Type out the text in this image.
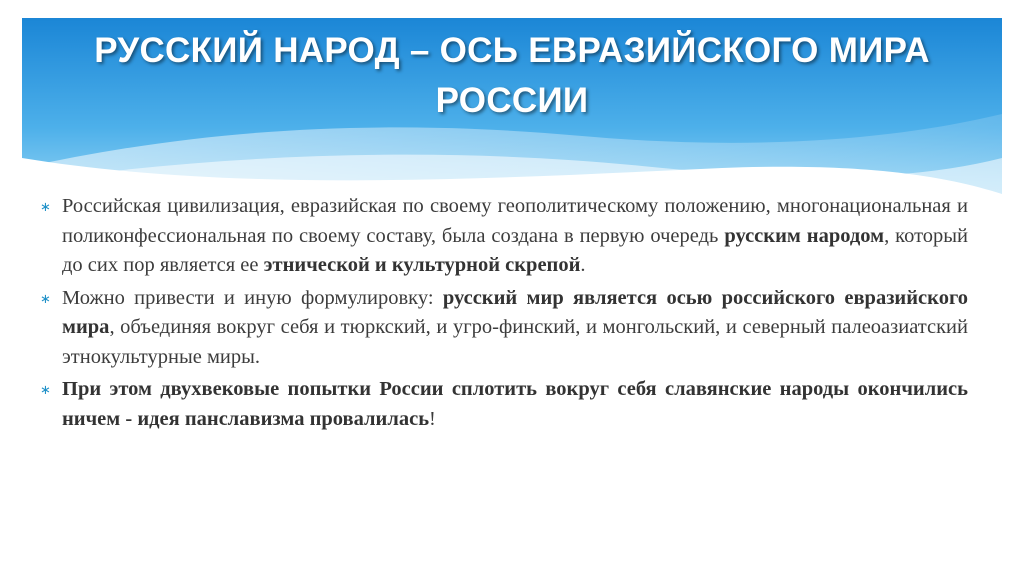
РУССКИЙ НАРОД – ОСЬ ЕВРАЗИЙСКОГО МИРА
РОССИИ
∗ Российская цивилизация, евразийская по своему геополитическому положению, многонациональная и поликонфессиональная по своему составу, была создана в первую очередь русским народом, который до сих пор является ее этнической и культурной скрепой.
∗ Можно привести и иную формулировку: русский мир является осью российского евразийского мира, объединяя вокруг себя и тюркский, и угро-финский, и монгольский, и северный палеоазиатский этнокультурные миры.
∗ При этом двухвековые попытки России сплотить вокруг себя славянские народы окончились ничем - идея панславизма провалилась!
